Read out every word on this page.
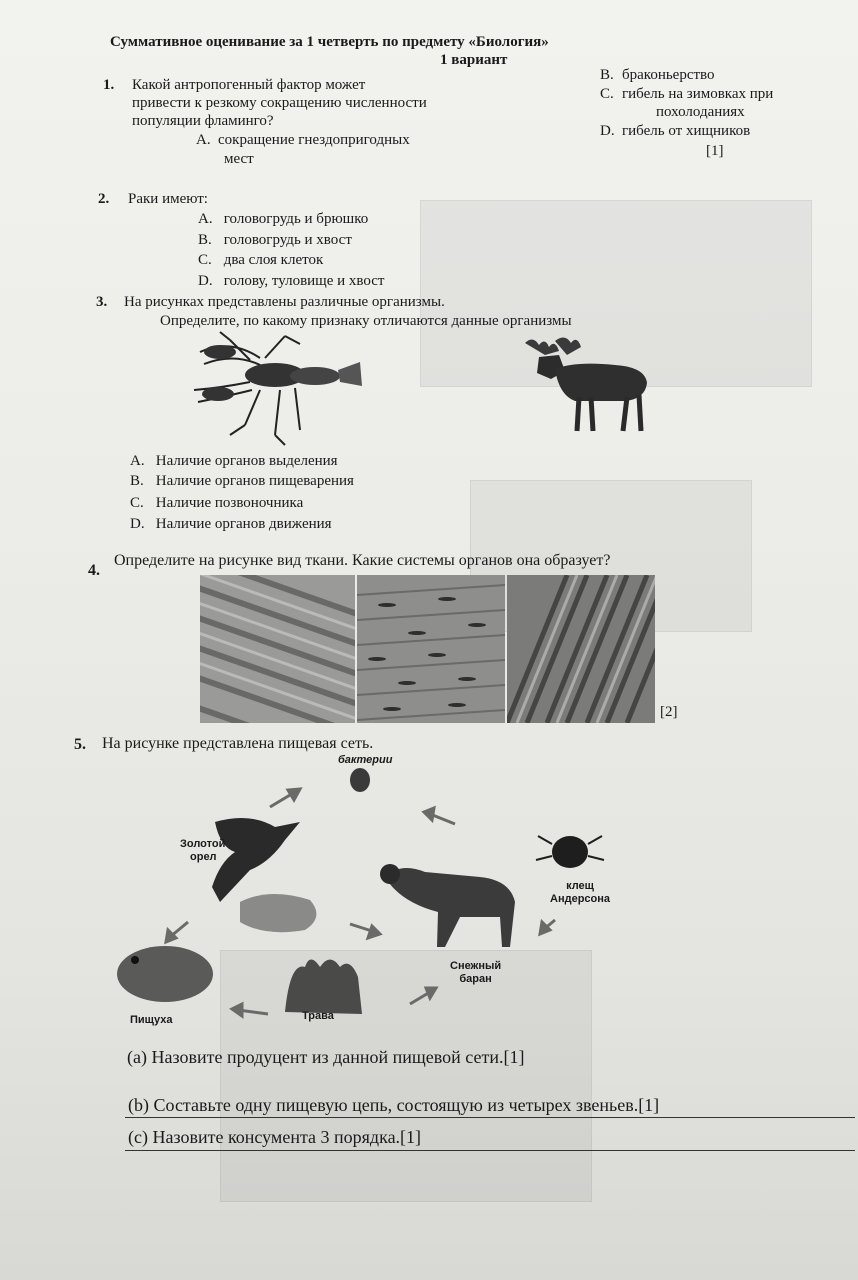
Суммативное оценивание за 1 четверть по предмету «Биология»
1 вариант
1. Какой антропогенный фактор может
привести к резкому сокращению численности
популяции фламинго?
A. сокращение гнездопригодных
мест
B. браконьерство
C. гибель на зимовках при
похолоданиях
D. гибель от хищников
[1]
2. Раки имеют:
A. головогрудь и брюшко
B. головогрудь и хвост
C. два слоя клеток
D. голову, туловище и хвост
3. На рисунках представлены различные организмы.
Определите, по какому признаку отличаются данные организмы
A. Наличие органов выделения
B. Наличие органов пищеварения
C. Наличие позвоночника
D. Наличие органов движения
4.
Определите на рисунке вид ткани. Какие системы органов она образует?
[2]
5. На рисунке представлена пищевая сеть.
бактерии
Золотой
орел
клещ
Андерсона
Снежный
баран
Пищуха	Трава
(a) Назовите продуцент из данной пищевой сети.[1]
(b) Составьте одну пищевую цепь, состоящую из четырех звеньев.[1]
(c) Назовите консумента 3 порядка.[1]
